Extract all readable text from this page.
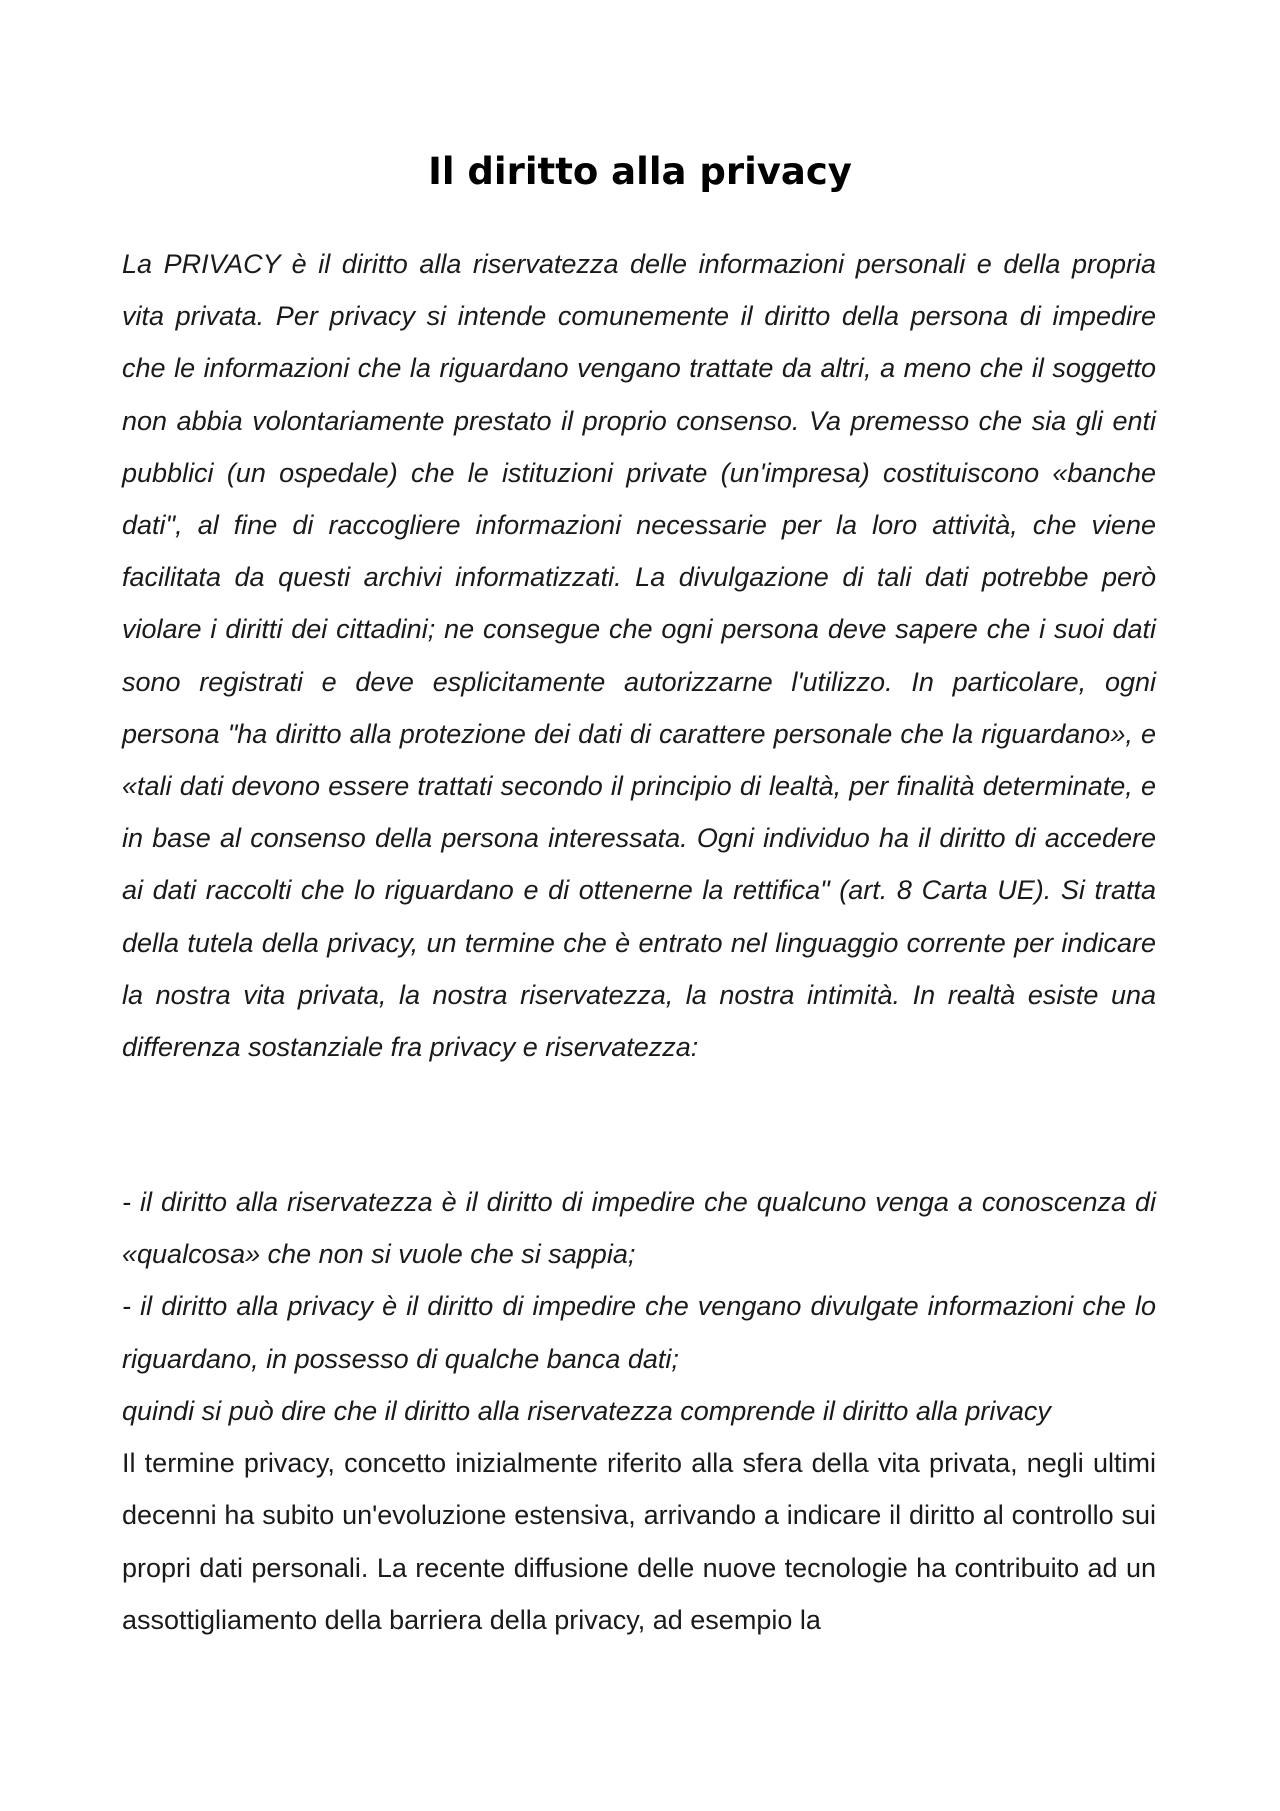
Il diritto alla privacy

La PRIVACY è il diritto alla riservatezza delle informazioni personali e della propria vita privata. Per privacy si intende comunemente il diritto della persona di impedire che le informazioni che la riguardano vengano trattate da altri, a meno che il soggetto non abbia volontariamente prestato il proprio consenso. Va premesso che sia gli enti pubblici (un ospedale) che le istituzioni private (un'impresa) costituiscono «banche dati", al fine di raccogliere informazioni necessarie per la loro attività, che viene facilitata da questi archivi informatizzati. La divulgazione di tali dati potrebbe però violare i diritti dei cittadini; ne consegue che ogni persona deve sapere che i suoi dati sono registrati e deve esplicitamente autorizzarne l'utilizzo. In particolare, ogni persona "ha diritto alla protezione dei dati di carattere personale che la riguardano», e «tali dati devono essere trattati secondo il principio di lealtà, per finalità determinate, e in base al consenso della persona interessata. Ogni individuo ha il diritto di accedere ai dati raccolti che lo riguardano e di ottenerne la rettifica" (art. 8 Carta UE). Si tratta della tutela della privacy, un termine che è entrato nel linguaggio corrente per indicare la nostra vita privata, la nostra riservatezza, la nostra intimità. In realtà esiste una differenza sostanziale fra privacy e riservatezza:

- il diritto alla riservatezza è il diritto di impedire che qualcuno venga a conoscenza di «qualcosa» che non si vuole che si sappia;
- il diritto alla privacy è il diritto di impedire che vengano divulgate informazioni che lo riguardano, in possesso di qualche banca dati;
quindi si può dire che il diritto alla riservatezza comprende il diritto alla privacy
Il termine privacy, concetto inizialmente riferito alla sfera della vita privata, negli ultimi decenni ha subito un'evoluzione estensiva, arrivando a indicare il diritto al controllo sui propri dati personali. La recente diffusione delle nuove tecnologie ha contribuito ad un assottigliamento della barriera della privacy, ad esempio la
